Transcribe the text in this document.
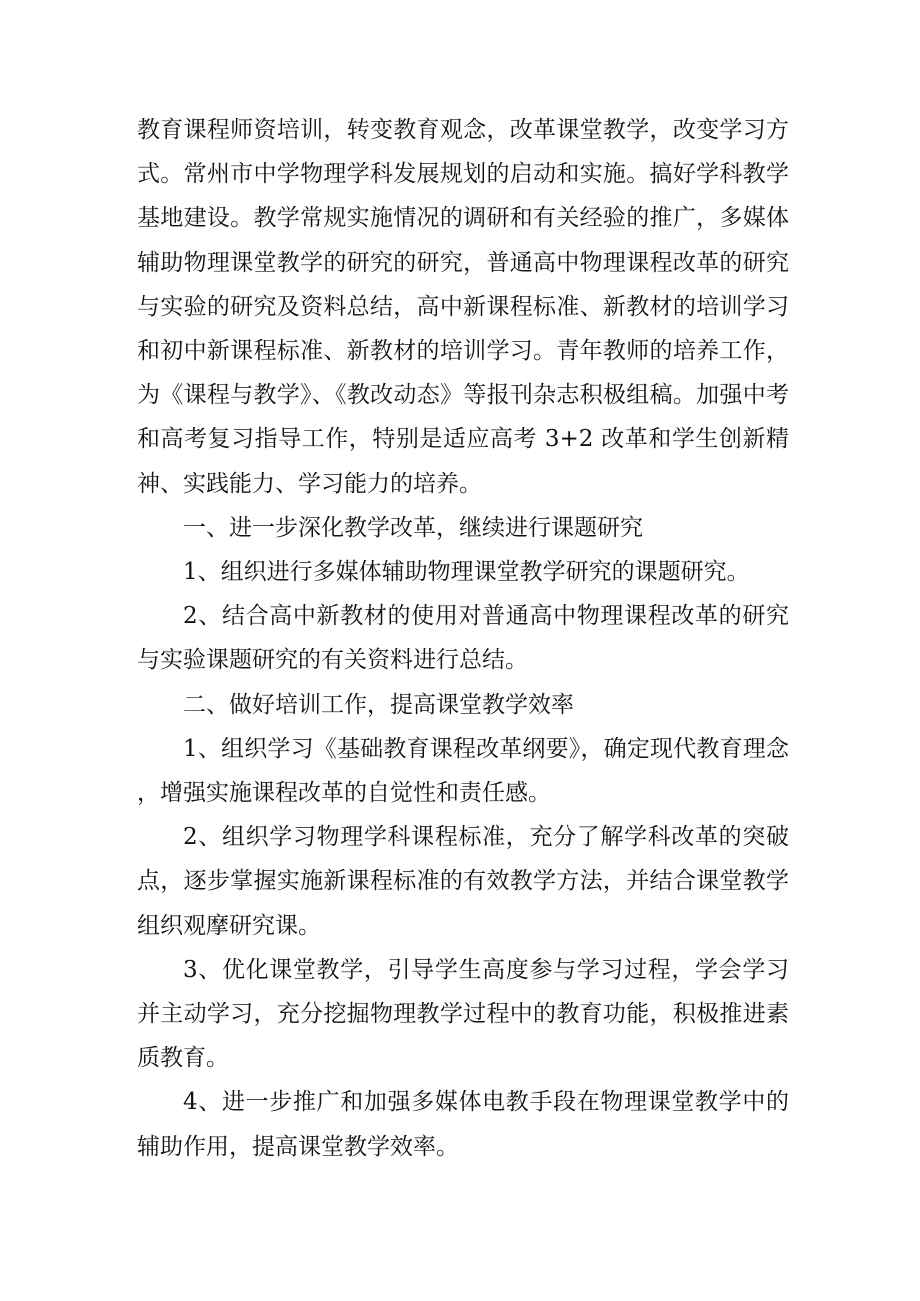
教育课程师资培训，转变教育观念，改革课堂教学，改变学习方式。常州市中学物理学科发展规划的启动和实施。搞好学科教学基地建设。教学常规实施情况的调研和有关经验的推广，多媒体辅助物理课堂教学的研究的研究，普通高中物理课程改革的研究与实验的研究及资料总结，高中新课程标准、新教材的培训学习和初中新课程标准、新教材的培训学习。青年教师的培养工作，为《课程与教学》、《教改动态》等报刊杂志积极组稿。加强中考和高考复习指导工作，特别是适应高考 3+2 改革和学生创新精神、实践能力、学习能力的培养。

一、进一步深化教学改革，继续进行课题研究

1、组织进行多媒体辅助物理课堂教学研究的课题研究。

2、结合高中新教材的使用对普通高中物理课程改革的研究与实验课题研究的有关资料进行总结。

二、做好培训工作，提高课堂教学效率

1、组织学习《基础教育课程改革纲要》，确定现代教育理念，增强实施课程改革的自觉性和责任感。

2、组织学习物理学科课程标准，充分了解学科改革的突破点，逐步掌握实施新课程标准的有效教学方法，并结合课堂教学组织观摩研究课。

3、优化课堂教学，引导学生高度参与学习过程，学会学习并主动学习，充分挖掘物理教学过程中的教育功能，积极推进素质教育。

4、进一步推广和加强多媒体电教手段在物理课堂教学中的辅助作用，提高课堂教学效率。
